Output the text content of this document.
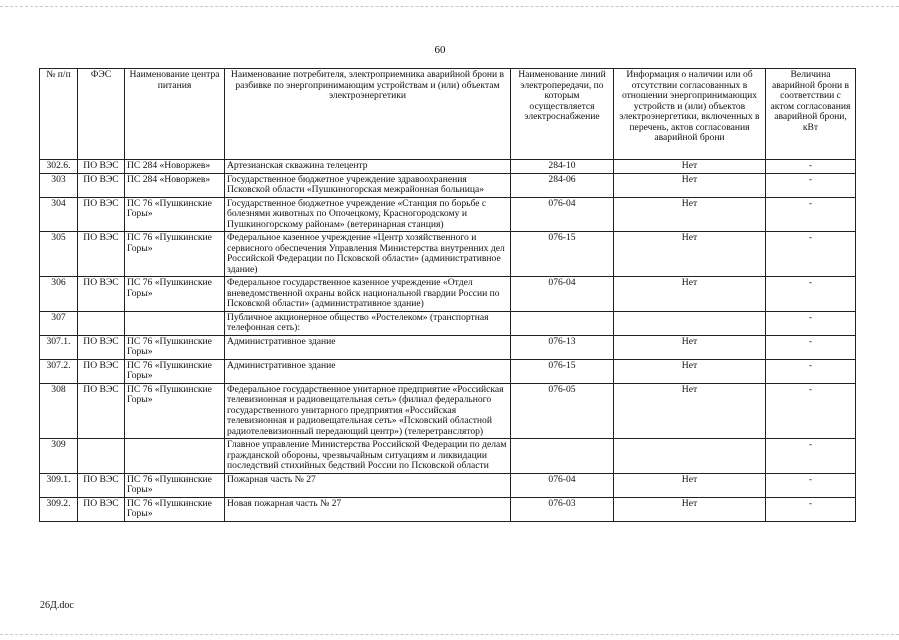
60
№ п/п	ФЭС	Наименование центра питания	Наименование потребителя, электроприемника аварийной брони в разбивке по энергопринимающим устройствам и (или) объектам электроэнергетики	Наименование линий электропередачи, по которым осуществляется электроснабжение	Информация о наличии или об отсутствии согласованных в отношении энергопринимающих устройств и (или) объектов электроэнергетики, включенных в перечень, актов согласования аварийной брони	Величина аварийной брони в соответствии с актом согласования аварийной брони, кВт
302.6.	ПО ВЭС	ПС 284 «Новоржев»	Артезианская скважина телецентр	284-10	Нет	-
303	ПО ВЭС	ПС 284 «Новоржев»	Государственное бюджетное учреждение здравоохранения Псковской области «Пушкиногорская межрайонная больница»	284-06	Нет	-
304	ПО ВЭС	ПС 76 «Пушкинские Горы»	Государственное бюджетное учреждение «Станция по борьбе с болезнями животных по Опочецкому, Красногородскому и Пушкиногорскому районам» (ветеринарная станция)	076-04	Нет	-
305	ПО ВЭС	ПС 76 «Пушкинские Горы»	Федеральное казенное учреждение «Центр хозяйственного и сервисного обеспечения Управления Министерства внутренних дел Российской Федерации по Псковской области» (административное здание)	076-15	Нет	-
306	ПО ВЭС	ПС 76 «Пушкинские Горы»	Федеральное государственное казенное учреждение «Отдел вневедомственной охраны войск национальной гвардии России по Псковской области» (административное здание)	076-04	Нет	-
307			Публичное акционерное общество «Ростелеком» (транспортная телефонная сеть):			-
307.1.	ПО ВЭС	ПС 76 «Пушкинские Горы»	Административное здание	076-13	Нет	-
307.2.	ПО ВЭС	ПС 76 «Пушкинские Горы»	Административное здание	076-15	Нет	-
308	ПО ВЭС	ПС 76 «Пушкинские Горы»	Федеральное государственное унитарное предприятие «Российская телевизионная и радиовещательная сеть» (филиал федерального государственного унитарного предприятия «Российская телевизионная и радиовещательная сеть» «Псковский областной радиотелевизионный передающий центр») (телеретранслятор)	076-05	Нет	-
309			Главное управление Министерства Российской Федерации по делам гражданской обороны, чрезвычайным ситуациям и ликвидации последствий стихийных бедствий России по Псковской области			-
309.1.	ПО ВЭС	ПС 76 «Пушкинские Горы»	Пожарная часть № 27	076-04	Нет	-
309.2.	ПО ВЭС	ПС 76 «Пушкинские Горы»	Новая пожарная часть № 27	076-03	Нет	-
26Д.doc
